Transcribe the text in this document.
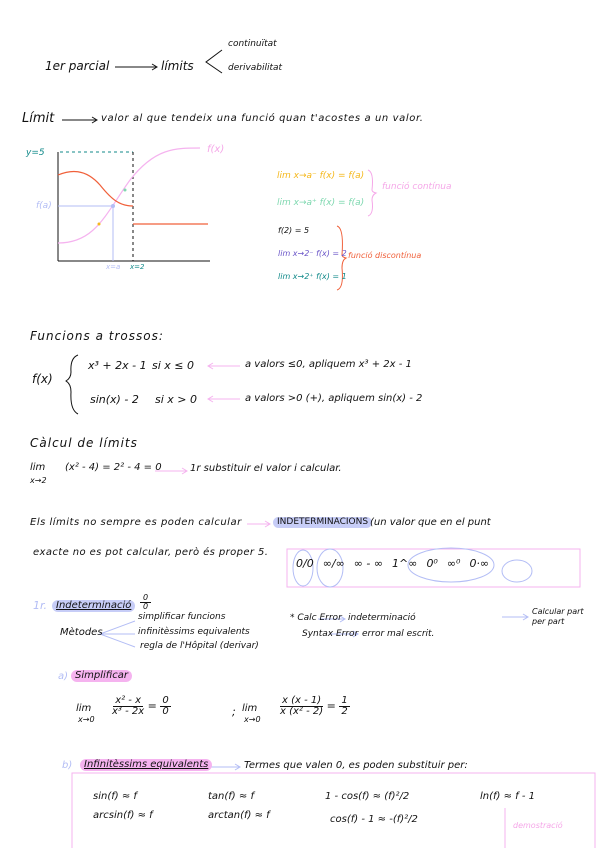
1er parcial	límits
continuïtat
derivabilitat
Límit	valor al que tendeix una funció quan t'acostes a un valor.
y=5
f(a)
x=a x=2
f(x)
lim x→a⁻ f(x) = f(a)
lim x→a⁺ f(x) = f(a)
funció contínua
f(2) = 5
lim x→2⁻ f(x) = 2
lim x→2⁺ f(x) = 1
funció discontínua
Funcions a trossos:
f(x)
x³ + 2x - 1 si x ≤ 0	a valors ≤0, apliquem x³ + 2x - 1
sin(x) - 2 si x > 0	a valors >0 (+), apliquem sin(x) - 2
Càlcul de límits
lim
x→2
(x² - 4) = 2² - 4 = 0	1r substituir el valor i calcular.
Els límits no sempre es poden calcular	INDETERMINACIONS (un valor que en el punt
exacte no es pot calcular, però és proper 5.
0/0 ∞/∞ ∞ - ∞ 1^∞ 0⁰ ∞⁰ 0·∞
1r. Indeterminació	$\frac{0}{0}$
Mètodes
simplificar funcions
infinitèssims equivalents
regla de l'Hôpital (derivar)
* Calc Error indeterminació
Calcular part per part
Syntax Error error mal escrit.
a) Simplificar
lim
x→0
$\frac{\text{x² - x}}{\text{x³ - 2x}} = \frac{0}{0}$	; lim
x→0
$\frac{x (x - 1)}{\text{x (x² - 2)}} = \frac{1}{2}$
b)	Infinitèssims equivalents	Termes que valen 0, es poden substituir per:
sin(f) ≈ f
arcsin(f) ≈ f
tan(f) ≈ f
arctan(f) ≈ f
1 - cos(f) ≈ (f)²/2
cos(f) - 1 ≈ -(f)²/2
ln(f) ≈ f - 1
demostració
